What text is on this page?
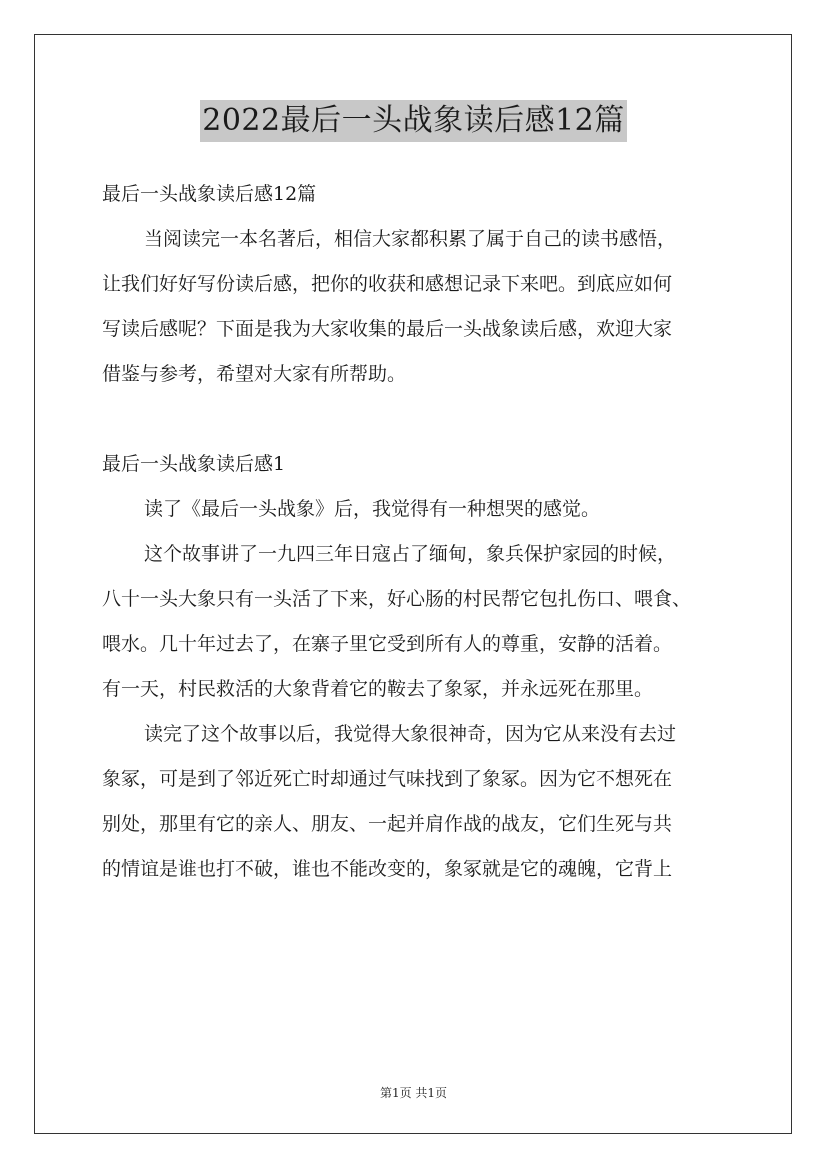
2022最后一头战象读后感12篇
最后一头战象读后感12篇
当阅读完一本名著后，相信大家都积累了属于自己的读书感悟，
让我们好好写份读后感，把你的收获和感想记录下来吧。到底应如何
写读后感呢？下面是我为大家收集的最后一头战象读后感，欢迎大家
借鉴与参考，希望对大家有所帮助。
最后一头战象读后感1
读了《最后一头战象》后，我觉得有一种想哭的感觉。
这个故事讲了一九四三年日寇占了缅甸，象兵保护家园的时候，
八十一头大象只有一头活了下来，好心肠的村民帮它包扎伤口、喂食、
喂水。几十年过去了，在寨子里它受到所有人的尊重，安静的活着。
有一天，村民救活的大象背着它的鞍去了象冢，并永远死在那里。
读完了这个故事以后，我觉得大象很神奇，因为它从来没有去过
象冢，可是到了邻近死亡时却通过气味找到了象冢。因为它不想死在
别处，那里有它的亲人、朋友、一起并肩作战的战友，它们生死与共
的情谊是谁也打不破，谁也不能改变的，象冢就是它的魂魄，它背上
第1页 共1页
